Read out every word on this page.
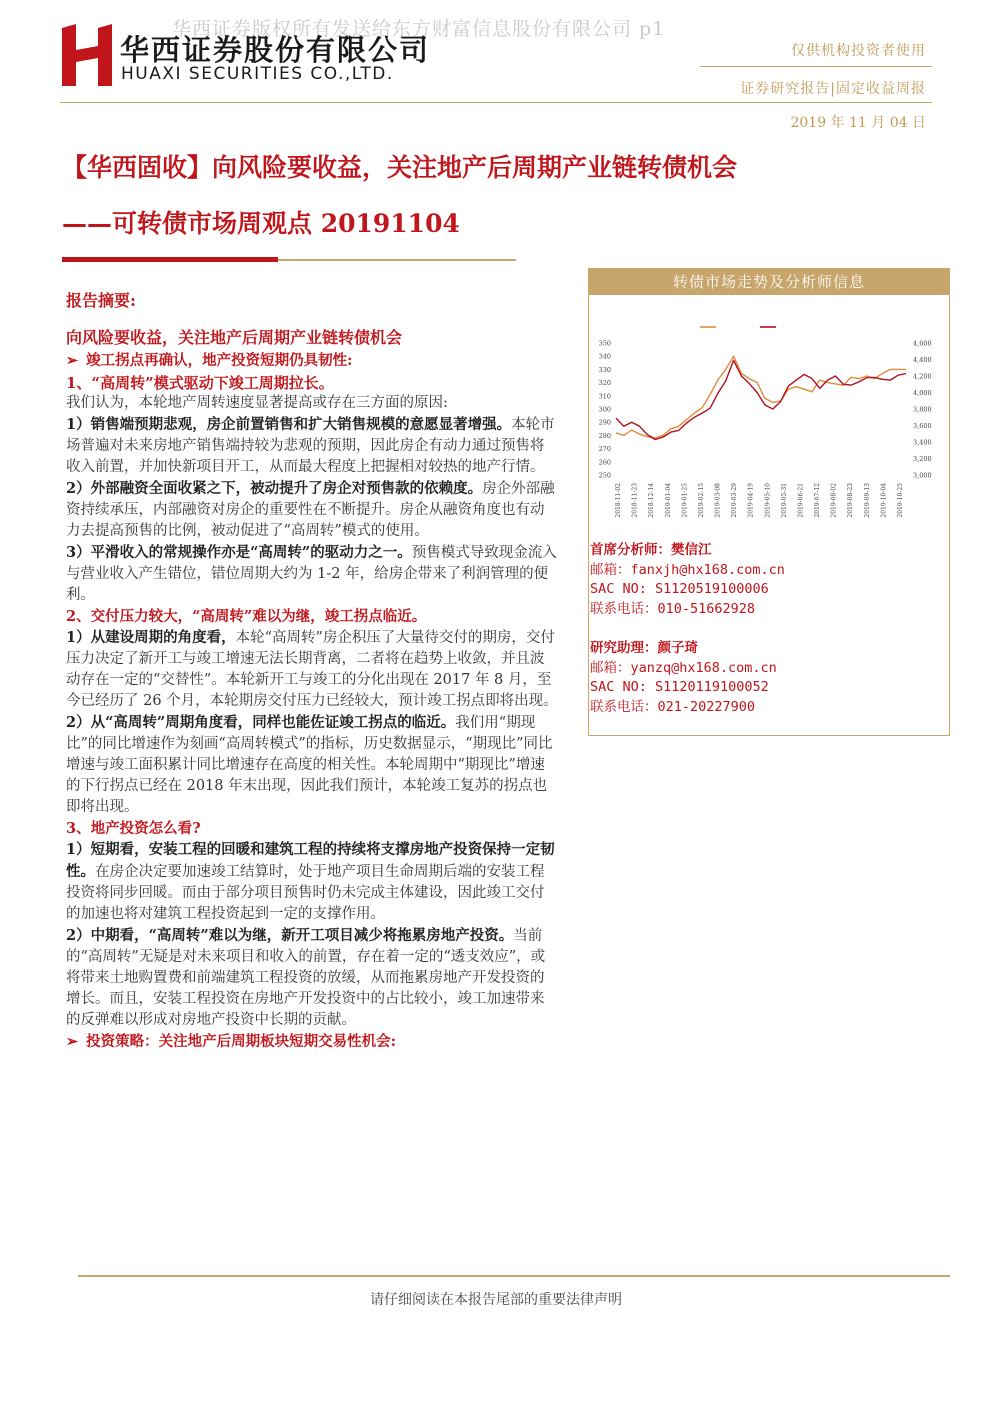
华西证券版权所有发送给东方财富信息股份有限公司 p1
华西证券股份有限公司
HUAXI SECURITIES CO.,LTD.
仅供机构投资者使用
证券研究报告|固定收益周报
2019 年 11 月 04 日
【华西固收】向风险要收益，关注地产后周期产业链转债机会
——可转债市场周观点 20191104
报告摘要:
向风险要收益，关注地产后周期产业链转债机会
➢ 竣工拐点再确认，地产投资短期仍具韧性:
1、“高周转”模式驱动下竣工周期拉长。

我们认为，本轮地产周转速度显著提高或存在三方面的原因:

1）销售端预期悲观，房企前置销售和扩大销售规模的意愿显著增强。本轮市场普遍对未来房地产销售端持较为悲观的预期，因此房企有动力通过预售将收入前置，并加快新项目开工，从而最大程度上把握相对较热的地产行情。

2）外部融资全面收紧之下，被动提升了房企对预售款的依赖度。房企外部融资持续承压，内部融资对房企的重要性在不断提升。房企从融资角度也有动力去提高预售的比例，被动促进了“高周转”模式的使用。

3）平滑收入的常规操作亦是“高周转”的驱动力之一。预售模式导致现金流入与营业收入产生错位，错位周期大约为 1-2 年，给房企带来了利润管理的便利。

2、交付压力较大，“高周转”难以为继，竣工拐点临近。

1）从建设周期的角度看，本轮“高周转”房企积压了大量待交付的期房，交付压力决定了新开工与竣工增速无法长期背离，二者将在趋势上收敛，并且波动存在一定的“交替性”。本轮新开工与竣工的分化出现在 2017 年 8 月，至今已经历了 26 个月，本轮期房交付压力已经较大，预计竣工拐点即将出现。

2）从“高周转”周期角度看，同样也能佐证竣工拐点的临近。我们用“期现比”的同比增速作为刻画“高周转模式”的指标，历史数据显示，“期现比”同比增速与竣工面积累计同比增速存在高度的相关性。本轮周期中“期现比”增速的下行拐点已经在 2018 年末出现，因此我们预计，本轮竣工复苏的拐点也即将出现。

3、地产投资怎么看?

1）短期看，安装工程的回暖和建筑工程的持续将支撑房地产投资保持一定韧性。在房企决定要加速竣工结算时，处于地产项目生命周期后端的安装工程投资将同步回暖。而由于部分项目预售时仍未完成主体建设，因此竣工交付的加速也将对建筑工程投资起到一定的支撑作用。

2）中期看，“高周转”难以为继，新开工项目减少将拖累房地产投资。当前的“高周转”无疑是对未来项目和收入的前置，存在着一定的“透支效应”，或将带来土地购置费和前端建筑工程投资的放缓，从而拖累房地产开发投资的增长。而且，安装工程投资在房地产开发投资中的占比较小，竣工加速带来的反弹难以形成对房地产投资中长期的贡献。

➢ 投资策略：关注地产后周期板块短期交易性机会:

转债市场走势及分析师信息
250
260
270
280
290
300
310
320
330
340
350
3,000
3,200
3,400
3,600
3,800
4,000
4,200
4,400
4,600
2018-11-02 2018-11-23 2018-12-14 2019-01-04 2019-01-25 2019-02-15 2019-03-08 2019-03-29 2019-04-19 2019-05-10 2019-05-31 2019-06-21 2019-07-12 2019-08-02 2019-08-23 2019-09-13 2019-10-04 2019-10-25
首席分析师：樊信江
邮箱：fanxjh@hx168.com.cn
SAC NO: S1120519100006
联系电话：010-51662928
研究助理：颜子琦
邮箱：yanzq@hx168.com.cn
SAC NO: S1120119100052
联系电话：021-20227900
请仔细阅读在本报告尾部的重要法律声明
